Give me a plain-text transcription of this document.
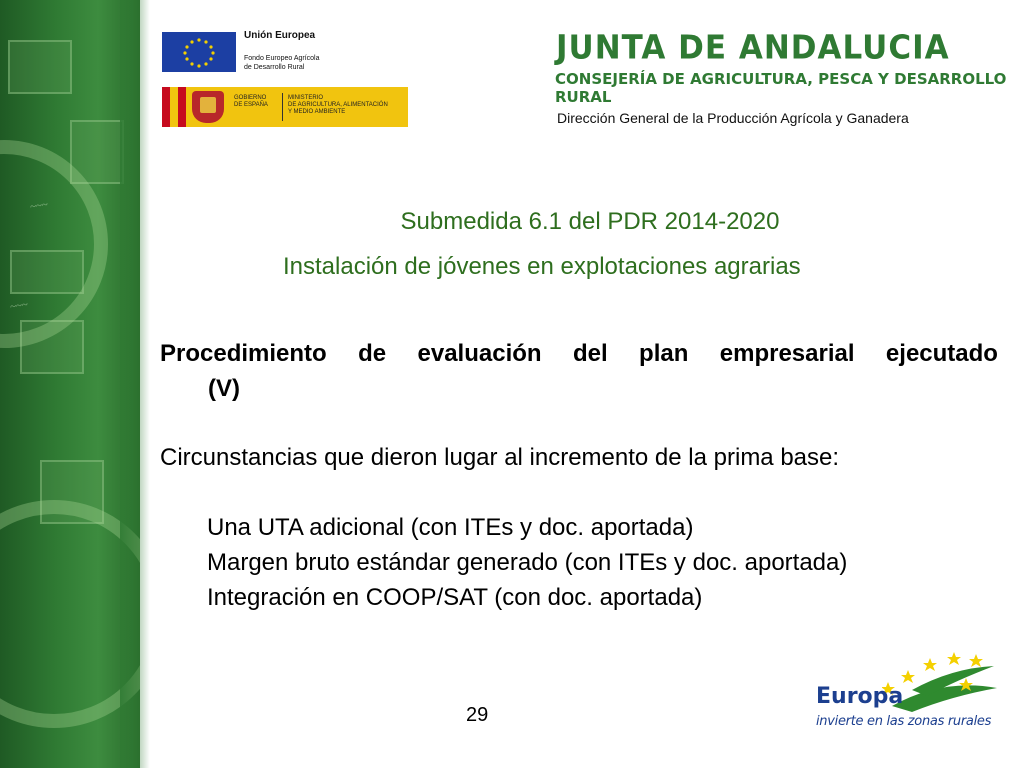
~~~
~~~
Unión Europea
Fondo Europeo Agrícola
de Desarrollo Rural
GOBIERNO
DE ESPAÑA
MINISTERIO
DE AGRICULTURA, ALIMENTACIÓN
Y MEDIO AMBIENTE
JUNTA DE ANDALUCIA
CONSEJERÍA DE AGRICULTURA, PESCA Y DESARROLLO RURAL
Dirección General de la Producción Agrícola y Ganadera
Submedida 6.1 del PDR 2014-2020
Instalación de jóvenes en explotaciones agrarias
Procedimiento de evaluación del plan empresarial ejecutado
(V)
Circunstancias que dieron lugar al incremento de la prima base:
Una UTA adicional (con ITEs y doc. aportada)
Margen bruto estándar generado (con ITEs y doc. aportada)
Integración en COOP/SAT (con doc. aportada)
29
Europa
invierte en las zonas rurales
